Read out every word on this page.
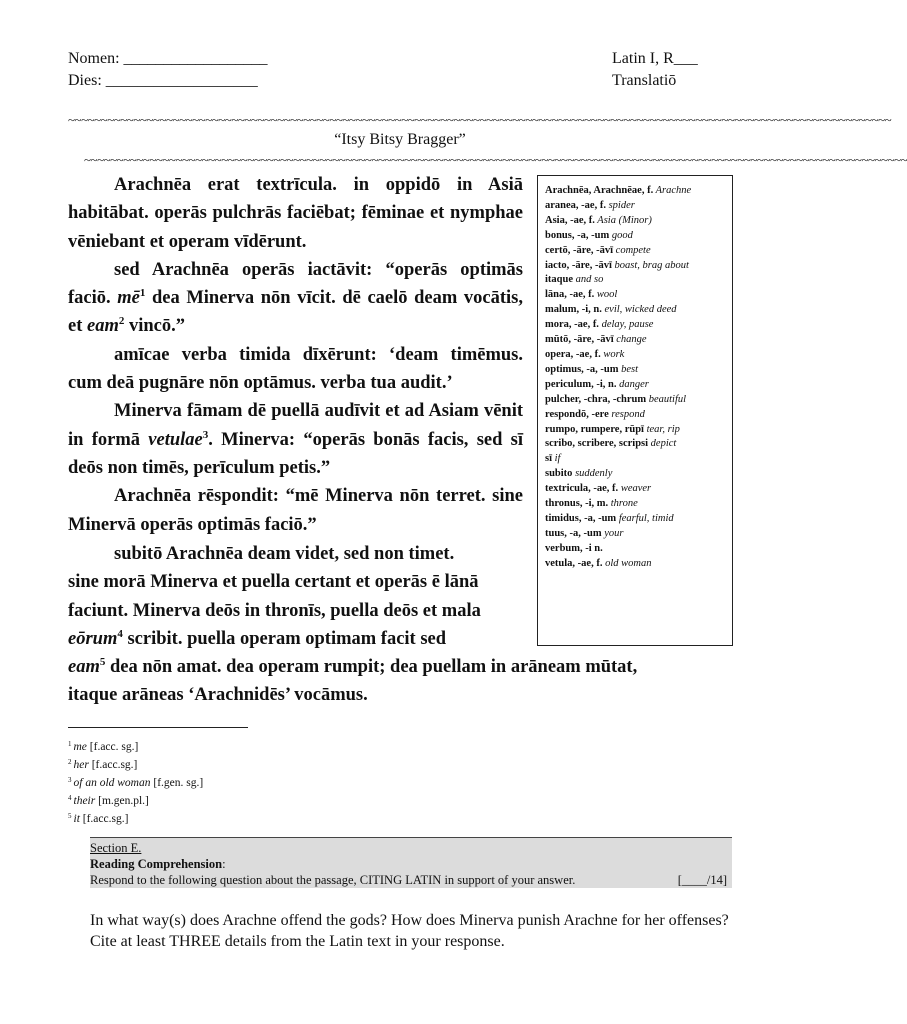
Nomen: __________________
Dies: ___________________
Latin I, R___
Translatiō
~~~~~~~~~~~~~~~~~~~~~~~~~~~~~~~~~~~~~~~~~~~~~~~~~~~~~~~~~~~~~~~~~~~~~~~~~~~~~~~~~~~~~~~~~~~~~~~~~~~~~~~~~~~~~~~~~~~~~~~~~~~~~~
“Itsy Bitsy Bragger”
~~~~~~~~~~~~~~~~~~~~~~~~~~~~~~~~~~~~~~~~~~~~~~~~~~~~~~~~~~~~~~~~~~~~~~~~~~~~~~~~~~~~~~~~~~~~~~~~~~~~~~~~~~~~~~~~~~~~~~~~~~~~~~

Arachnēa erat textrīcula. in oppidō in Asiā habitābat. operās pulchrās faciēbat; fēminae et nymphae vēniebant et operam vīdērunt.

sed Arachnēa operās iactāvit: “operās optimās faciō. $mē^1$ dea Minerva nōn vīcit. dē caelō deam vocātis, et eam$^2$ vincō.”

amīcae verba timida dīxērunt: ‘deam timēmus. cum deā pugnāre nōn optāmus. verba tua audit.’

Minerva fāmam dē puellā audīvit et ad Asiam vēnit in formā vetulae$^3$. Minerva: “operās bonās facis, sed sī deōs non timēs, perīculum petis.”

Arachnēa rēspondit: “mē Minerva nōn terret. sine Minervā operās optimās faciō.”

subitō Arachnēa deam videt, sed non timet.
sine morā Minerva et puella certant et operās ē lānā
faciunt. Minerva deōs in thronīs, puella deōs et mala
eōrum$^4$ scribit. puella operam optimam facit sed
eam$^5$ dea nōn amat. dea operam rumpit; dea puellam in arāneam mūtat,
itaque arāneas ‘Arachnidēs’ vocāmus.
Arachnēa, Arachnēae, f. Arachne
aranea, -ae, f. spider
Asia, -ae, f. Asia (Minor)
bonus, -a, -um good
certō, -āre, -āvī compete
iacto, -āre, -āvī boast, brag about
itaque and so
lāna, -ae, f. wool
malum, -i, n. evil, wicked deed
mora, -ae, f. delay, pause
mūtō, -āre, -āvī change
opera, -ae, f. work
optimus, -a, -um best
periculum, -i, n. danger
pulcher, -chra, -chrum beautiful
respondō, -ere respond
rumpo, rumpere, rūpī tear, rip
scribo, scribere, scripsi depict
sī if
subito suddenly
textricula, -ae, f. weaver
thronus, -i, m. throne
timidus, -a, -um fearful, timid
tuus, -a, -um your
verbum, -i n.
vetula, -ae, f. old woman
$^1$ me [f.acc. sg.]
$^2$ her [f.acc.sg.]
$^3$ of an old woman [f.gen. sg.]
$^4$ their [m.gen.pl.]
$^5$ it [f.acc.sg.]
Section E.
Reading Comprehension:
Respond to the following question about the passage, CITING LATIN in support of your answer.	[____/14]
In what way(s) does Arachne offend the gods? How does Minerva punish Arachne for her offenses? Cite at least THREE details from the Latin text in your response.
